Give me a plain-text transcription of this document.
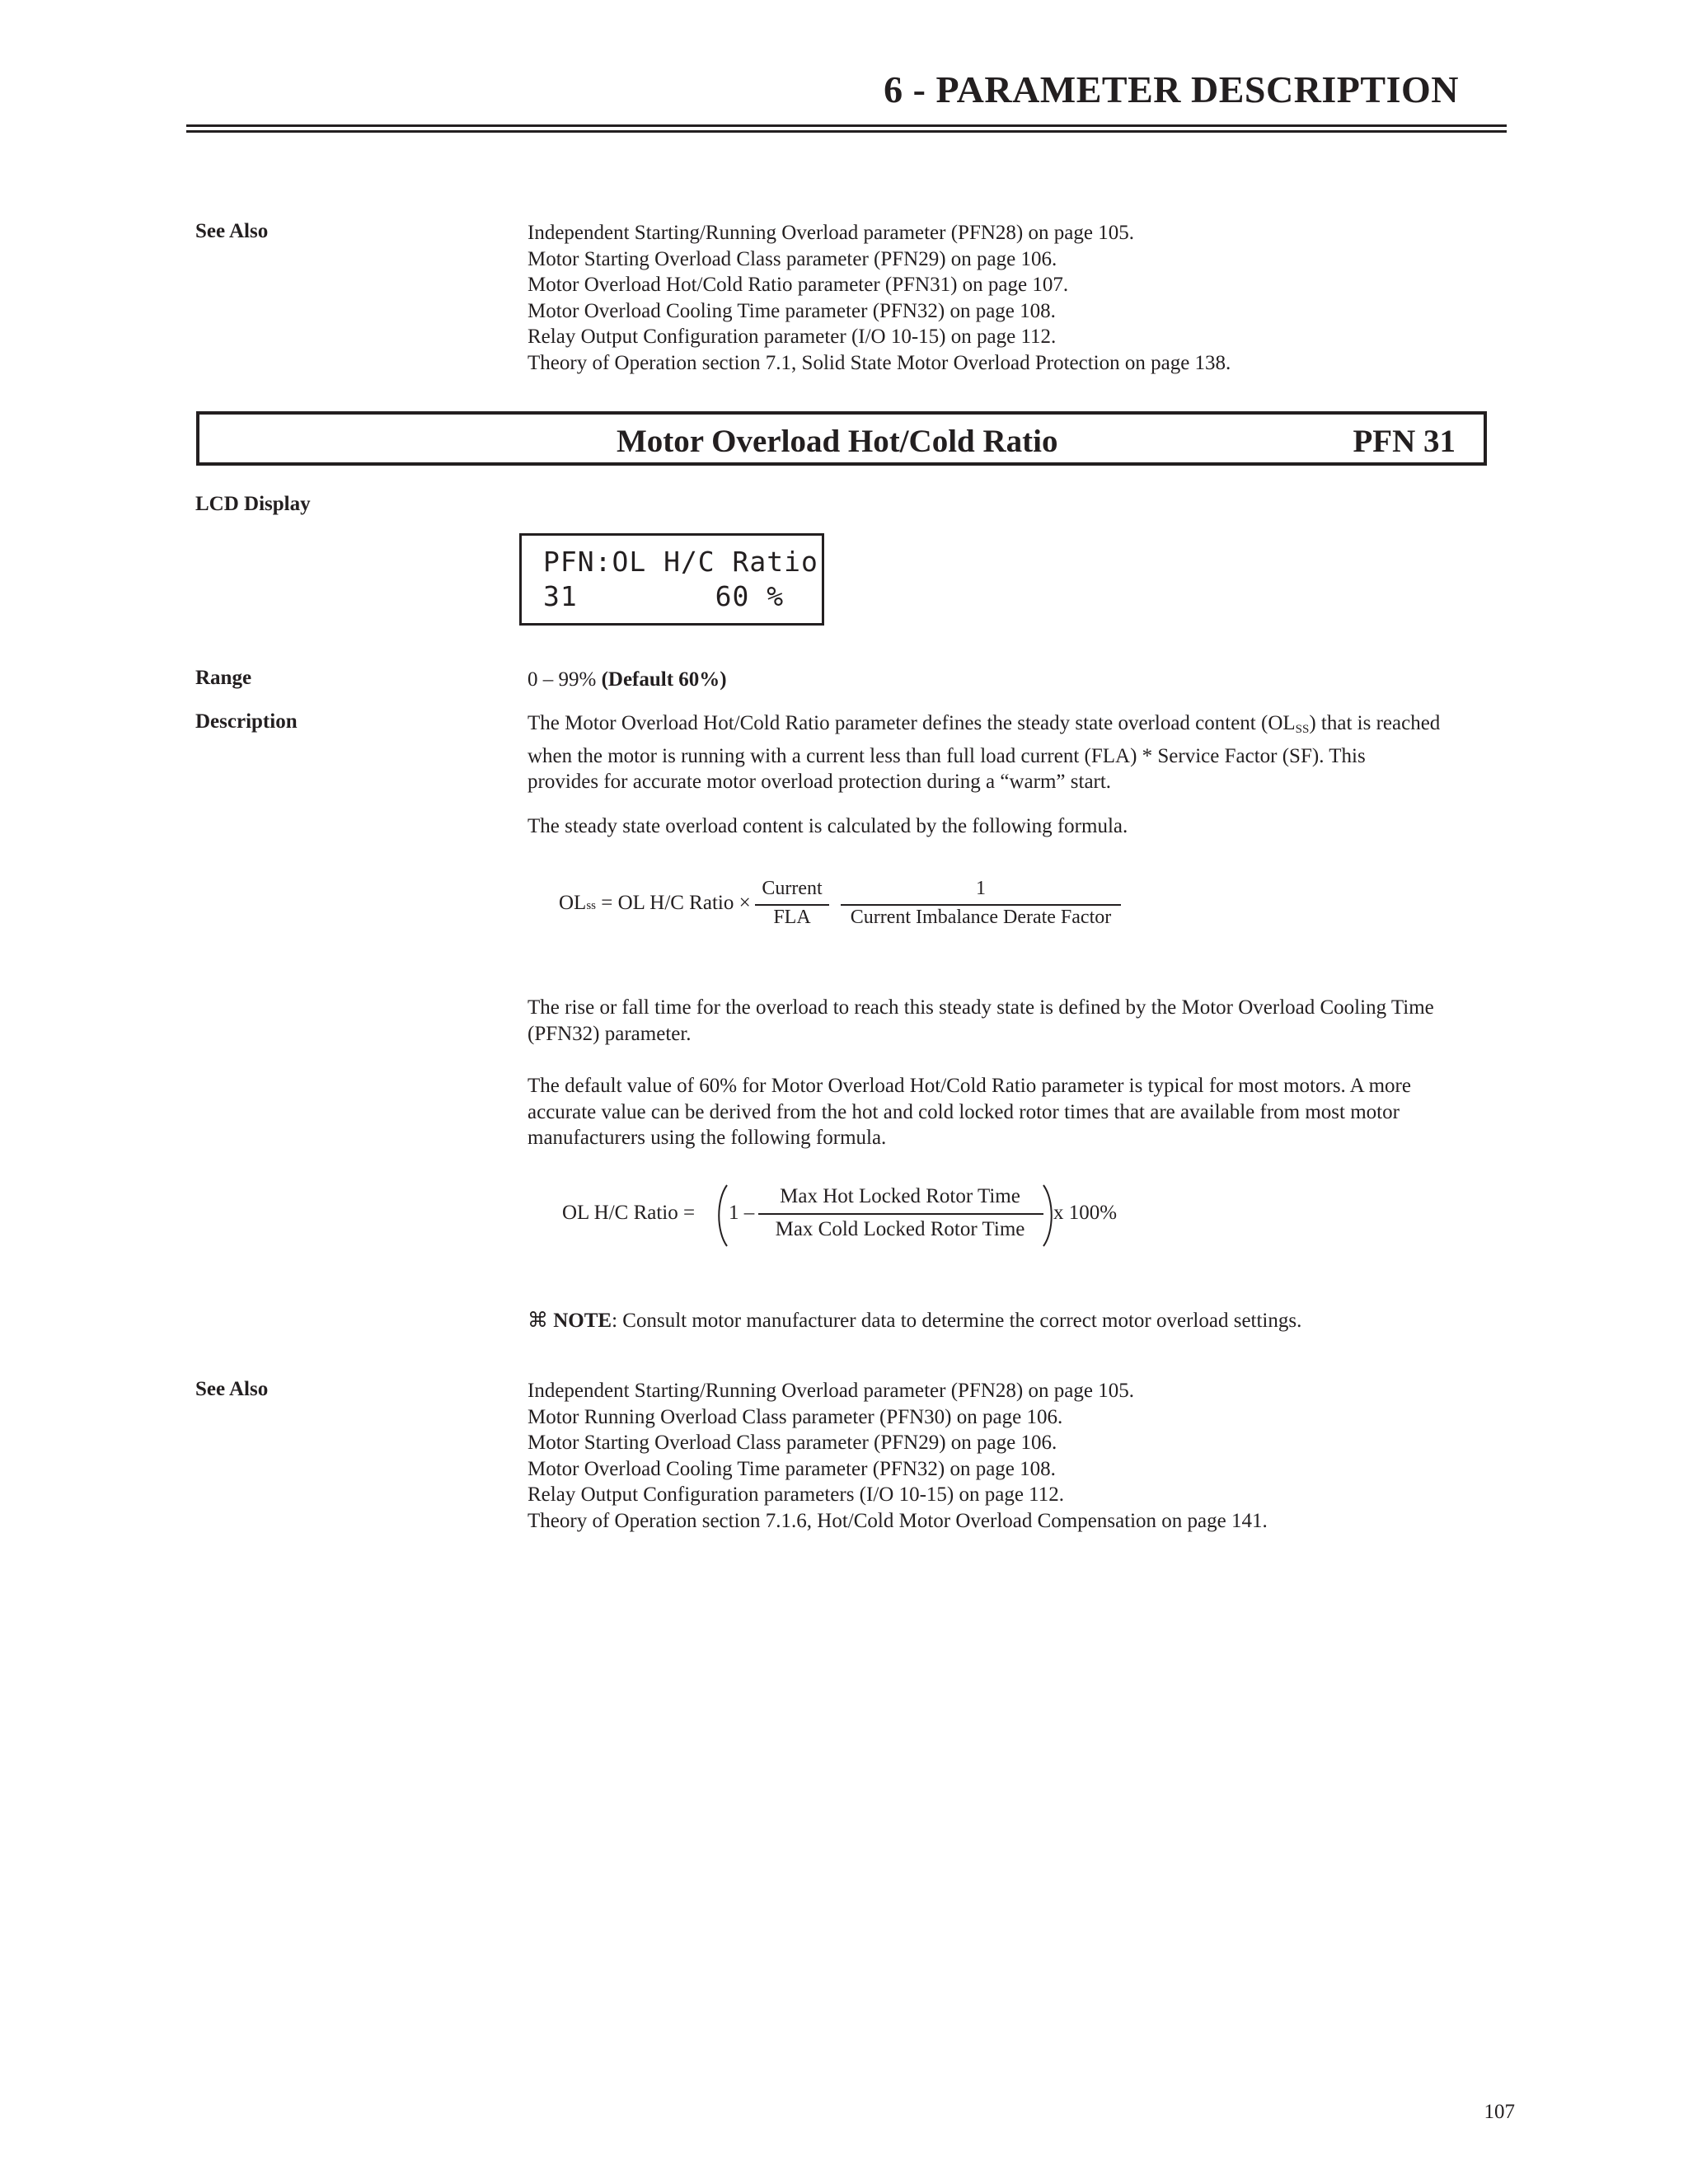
6 - PARAMETER DESCRIPTION
See Also	Independent Starting/Running Overload parameter (PFN28) on page 105.
Motor Starting Overload Class parameter (PFN29) on page 106.
Motor Overload Hot/Cold Ratio parameter (PFN31) on page 107.
Motor Overload Cooling Time parameter (PFN32) on page 108.
Relay Output Configuration parameter (I/O 10-15) on page 112.
Theory of Operation section 7.1, Solid State Motor Overload Protection on page 138.
Motor Overload Hot/Cold Ratio	PFN 31
LCD Display
PFN:OL H/C Ratio
31        60 %
Range	0 – 99% (Default 60%)
Description	The Motor Overload Hot/Cold Ratio parameter defines the steady state overload content $(OL_{SS})$ that is reached
when the motor is running with a current less than full load current (FLA) * Service Factor (SF). This
provides for accurate motor overload protection during a “warm” start.
The steady state overload content is calculated by the following formula.
OLss = OL H/C Ratio ×
Current
FLA
1
Current Imbalance Derate Factor
The rise or fall time for the overload to reach this steady state is defined by the Motor Overload Cooling Time
(PFN32) parameter.
The default value of 60% for Motor Overload Hot/Cold Ratio parameter is typical for most motors. A more
accurate value can be derived from the hot and cold locked rotor times that are available from most motor
manufacturers using the following formula.
OL H/C Ratio = 1 –
Max Hot Locked Rotor Time
Max Cold Locked Rotor Time
x 100%
⌘ NOTE: Consult motor manufacturer data to determine the correct motor overload settings.
See Also	Independent Starting/Running Overload parameter (PFN28) on page 105.
Motor Running Overload Class parameter (PFN30) on page 106.
Motor Starting Overload Class parameter (PFN29) on page 106.
Motor Overload Cooling Time parameter (PFN32) on page 108.
Relay Output Configuration parameters (I/O 10-15) on page 112.
Theory of Operation section 7.1.6, Hot/Cold Motor Overload Compensation on page 141.
107
